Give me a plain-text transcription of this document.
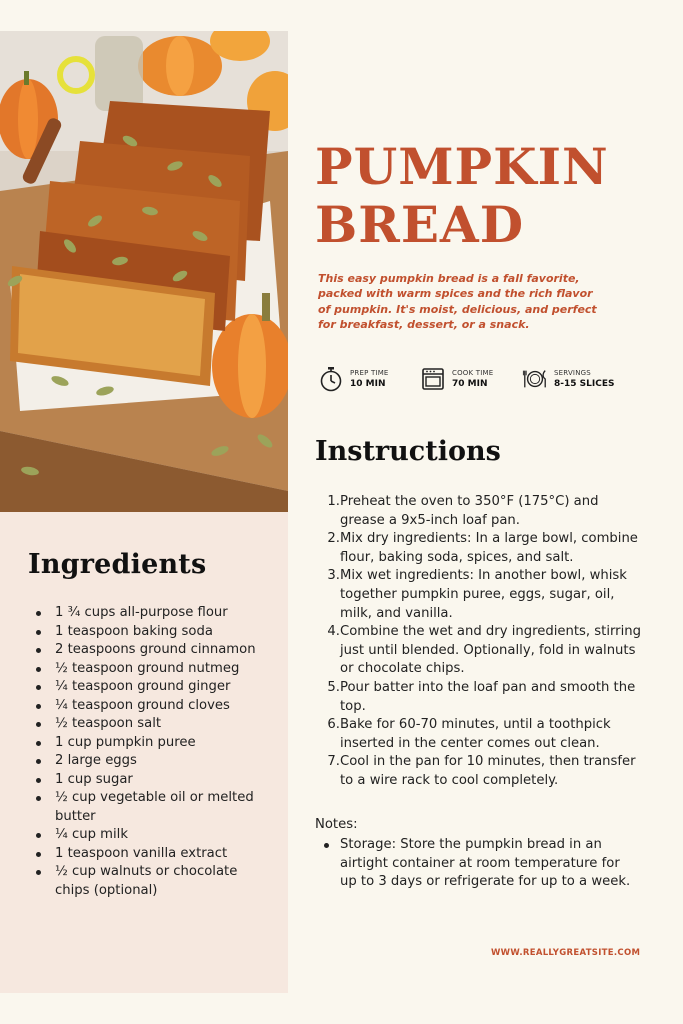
Ingredients
1 ¾ cups all-purpose flour
1 teaspoon baking soda
2 teaspoons ground cinnamon
½ teaspoon ground nutmeg
¼ teaspoon ground ginger
¼ teaspoon ground cloves
½ teaspoon salt
1 cup pumpkin puree
2 large eggs
1 cup sugar
½ cup vegetable oil or melted butter
¼ cup milk
1 teaspoon vanilla extract
½ cup walnuts or chocolate chips (optional)
PUMPKIN
BREAD
This easy pumpkin bread is a fall favorite, packed with warm spices and the rich flavor of pumpkin. It's moist, delicious, and perfect for breakfast, dessert, or a snack.
PREP TIME
10 MIN
COOK TIME
70 MIN
SERVINGS
8-15 SLICES
Instructions
1. Preheat the oven to 350°F (175°C) and grease a 9x5-inch loaf pan.
2. Mix dry ingredients: In a large bowl, combine flour, baking soda, spices, and salt.
3. Mix wet ingredients: In another bowl, whisk together pumpkin puree, eggs, sugar, oil, milk, and vanilla.
4. Combine the wet and dry ingredients, stirring just until blended. Optionally, fold in walnuts or chocolate chips.
5. Pour batter into the loaf pan and smooth the top.
6. Bake for 60-70 minutes, until a toothpick inserted in the center comes out clean.
7. Cool in the pan for 10 minutes, then transfer to a wire rack to cool completely.
Notes:
Storage: Store the pumpkin bread in an airtight container at room temperature for up to 3 days or refrigerate for up to a week.
WWW.REALLYGREATSITE.COM
